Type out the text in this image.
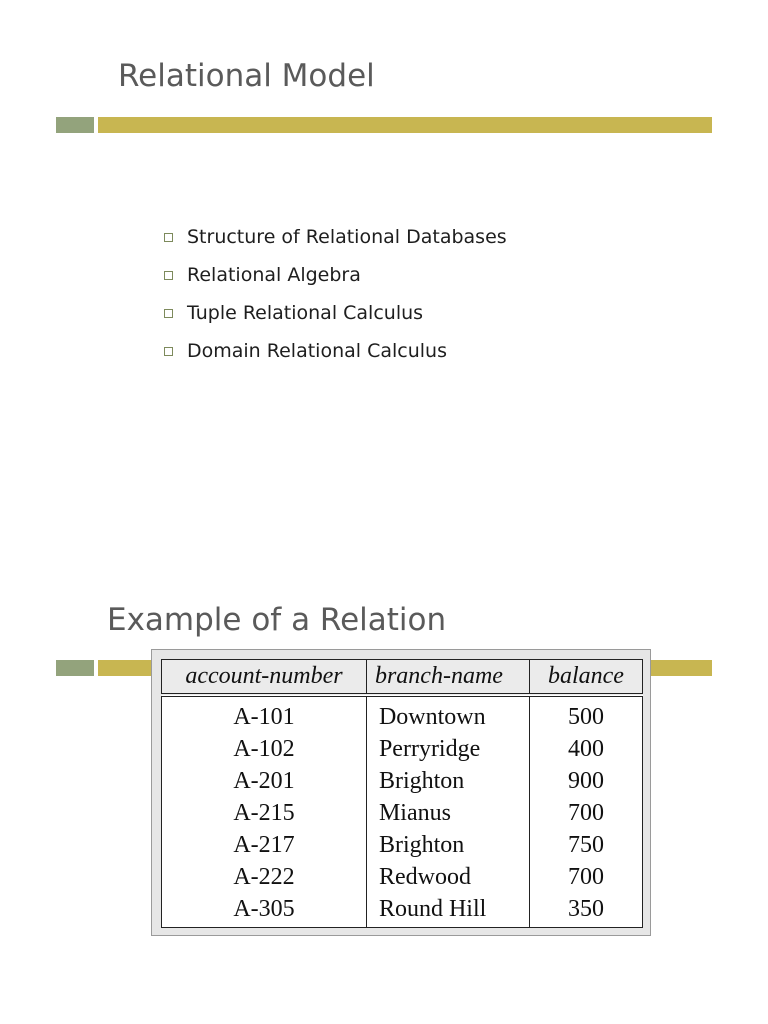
Relational Model
Structure of Relational Databases
Relational Algebra
Tuple Relational Calculus
Domain Relational Calculus
Example of a Relation
account-number	branch-name	balance
A-101	Downtown	500
A-102	Perryridge	400
A-201	Brighton	900
A-215	Mianus	700
A-217	Brighton	750
A-222	Redwood	700
A-305	Round Hill	350
